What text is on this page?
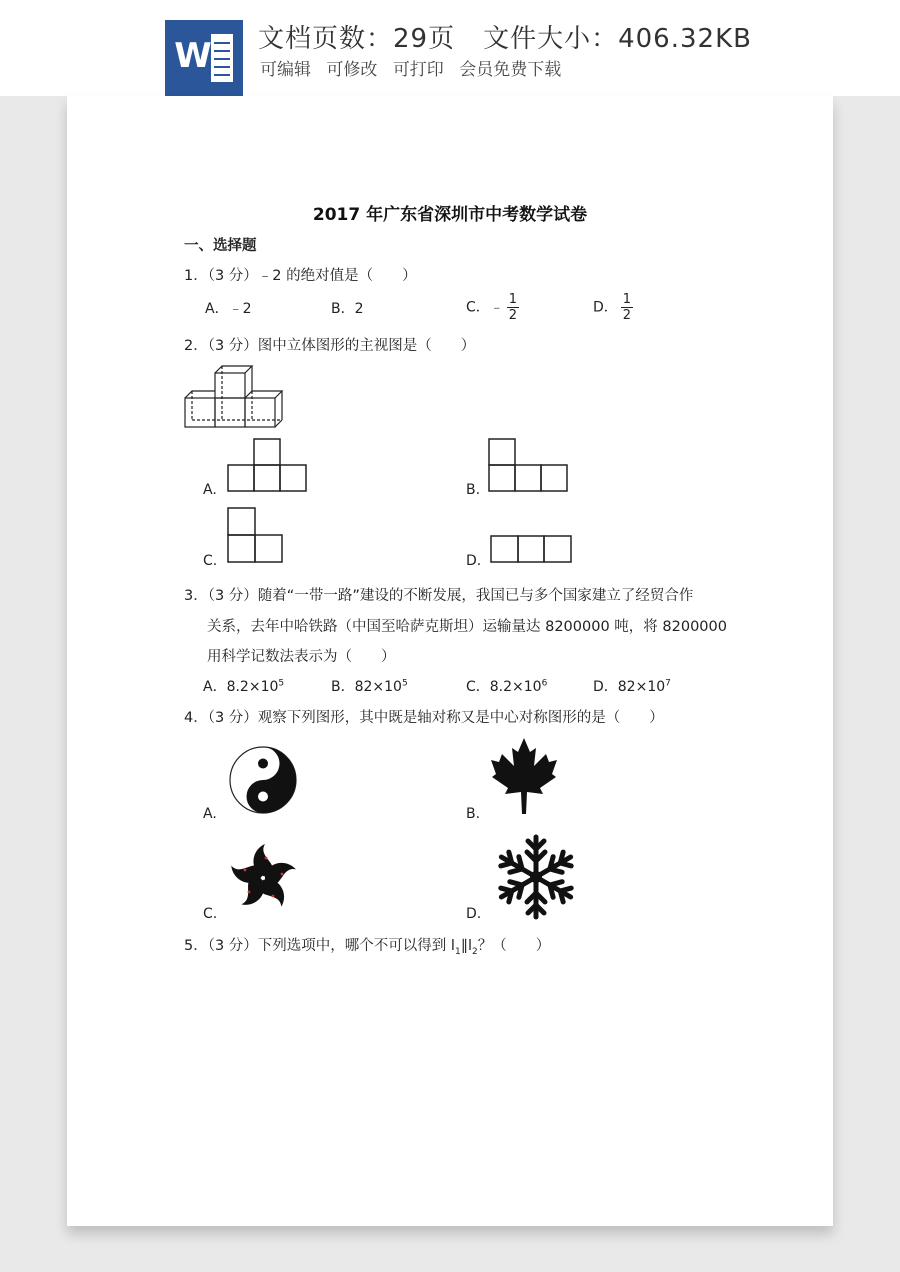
W 文档页数：29页 文件大小：406.32KB
可编辑 可修改 可打印 会员免费下载
2017 年广东省深圳市中考数学试卷
一、选择题
1．（3 分）﹣2 的绝对值是（　　）
A．﹣2	B．2	C．﹣ $\frac{1}{2}$	D． $\frac{1}{2}$
2．（3 分）图中立体图形的主视图是（　　）
A.	B.
C.	D.
3．（3 分）随着“一带一路”建设的不断发展，我国已与多个国家建立了经贸合作
关系，去年中哈铁路（中国至哈萨克斯坦）运输量达 8200000 吨，将 8200000
用科学记数法表示为（　　）
A．$8.2\times 10^5$	B．$82\times 10^5$	C．$8.2\times 10^6$	D．$82\times 10^7$
4．（3 分）观察下列图形，其中既是轴对称又是中心对称图形的是（　　）
A.	B.
C.	D.
5．（3 分）下列选项中，哪个不可以得到 $l_1\parallel l_2$？（　　）
